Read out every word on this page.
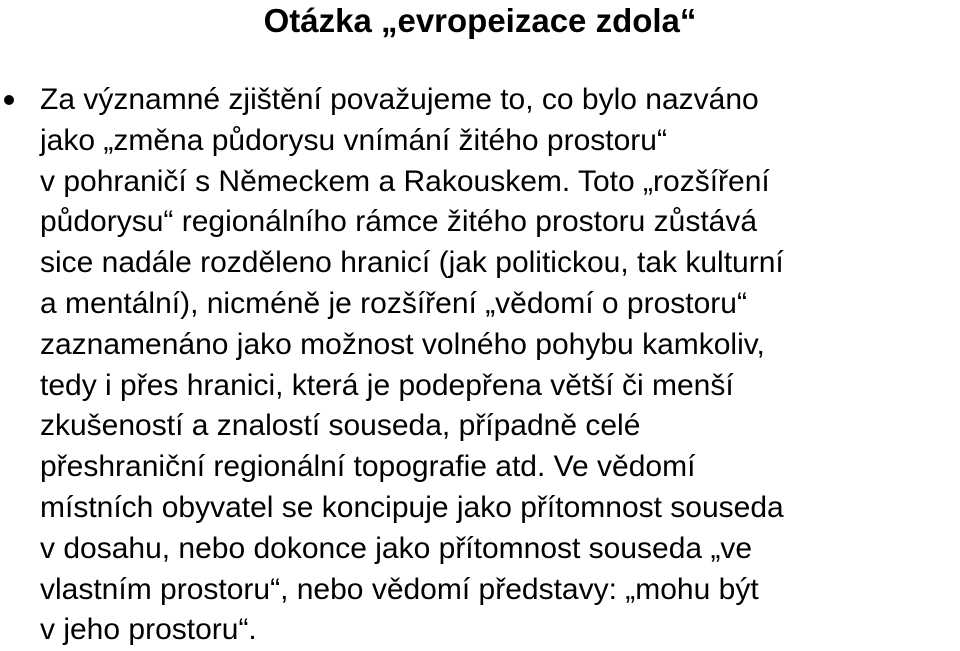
Otázka „evropeizace zdola“
Za významné zjištění považujeme to, co bylo nazváno
jako „změna půdorysu vnímání žitého prostoru“
v pohraničí s Německem a Rakouskem. Toto „rozšíření
půdorysu“ regionálního rámce žitého prostoru zůstává
sice nadále rozděleno hranicí (jak politickou, tak kulturní
a mentální), nicméně je rozšíření „vědomí o prostoru“
zaznamenáno jako možnost volného pohybu kamkoliv,
tedy i přes hranici, která je podepřena větší či menší
zkušeností a znalostí souseda, případně celé
přeshraniční regionální topografie atd. Ve vědomí
místních obyvatel se koncipuje jako přítomnost souseda
v dosahu, nebo dokonce jako přítomnost souseda „ve
vlastním prostoru“, nebo vědomí představy: „mohu být
v jeho prostoru“.
